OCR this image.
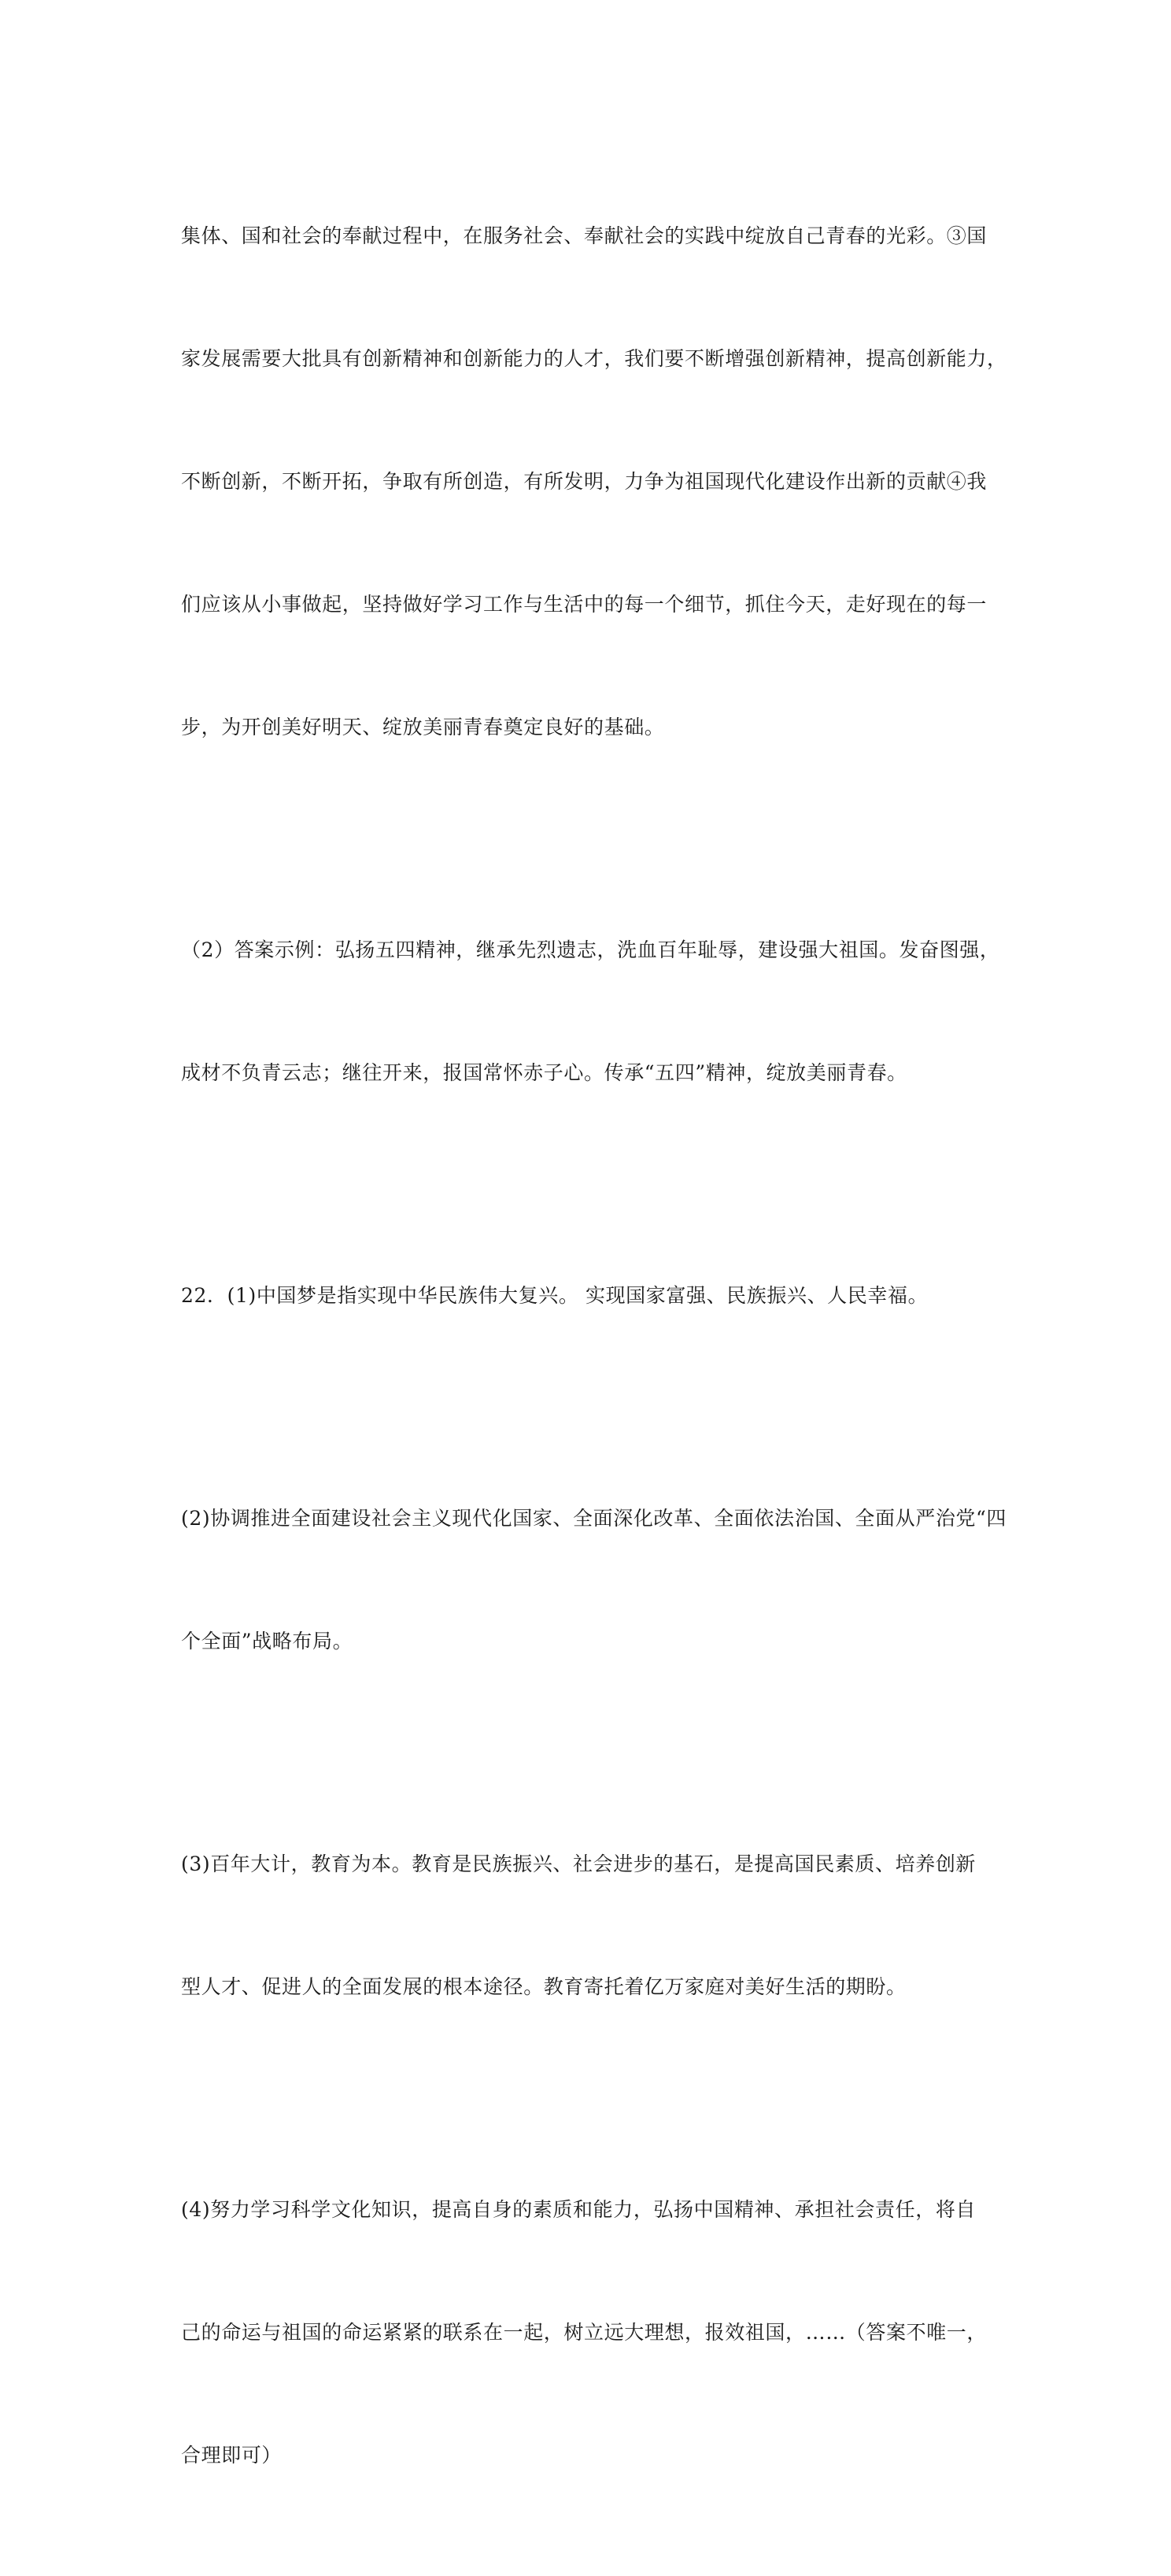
集体、国和社会的奉献过程中，在服务社会、奉献社会的实践中绽放自己青春的光彩。③国

家发展需要大批具有创新精神和创新能力的人才，我们要不断增强创新精神，提高创新能力，

不断创新，不断开拓，争取有所创造，有所发明，力争为祖国现代化建设作出新的贡献④我

们应该从小事做起，坚持做好学习工作与生活中的每一个细节，抓住今天，走好现在的每一

步，为开创美好明天、绽放美丽青春奠定良好的基础。

（2）答案示例：弘扬五四精神，继承先烈遗志，洗血百年耻辱，建设强大祖国。发奋图强，

成材不负青云志；继往开来，报国常怀赤子心。传承“五四”精神，绽放美丽青春。

22．(1)中国梦是指实现中华民族伟大复兴。 实现国家富强、民族振兴、人民幸福。

(2)协调推进全面建设社会主义现代化国家、全面深化改革、全面依法治国、全面从严治党“四

个全面”战略布局。

(3)百年大计，教育为本。教育是民族振兴、社会进步的基石，是提高国民素质、培养创新

型人才、促进人的全面发展的根本途径。教育寄托着亿万家庭对美好生活的期盼。

(4)努力学习科学文化知识，提高自身的素质和能力，弘扬中国精神、承担社会责任，将自

己的命运与祖国的命运紧紧的联系在一起，树立远大理想，报效祖国，……（答案不唯一，

合理即可）
